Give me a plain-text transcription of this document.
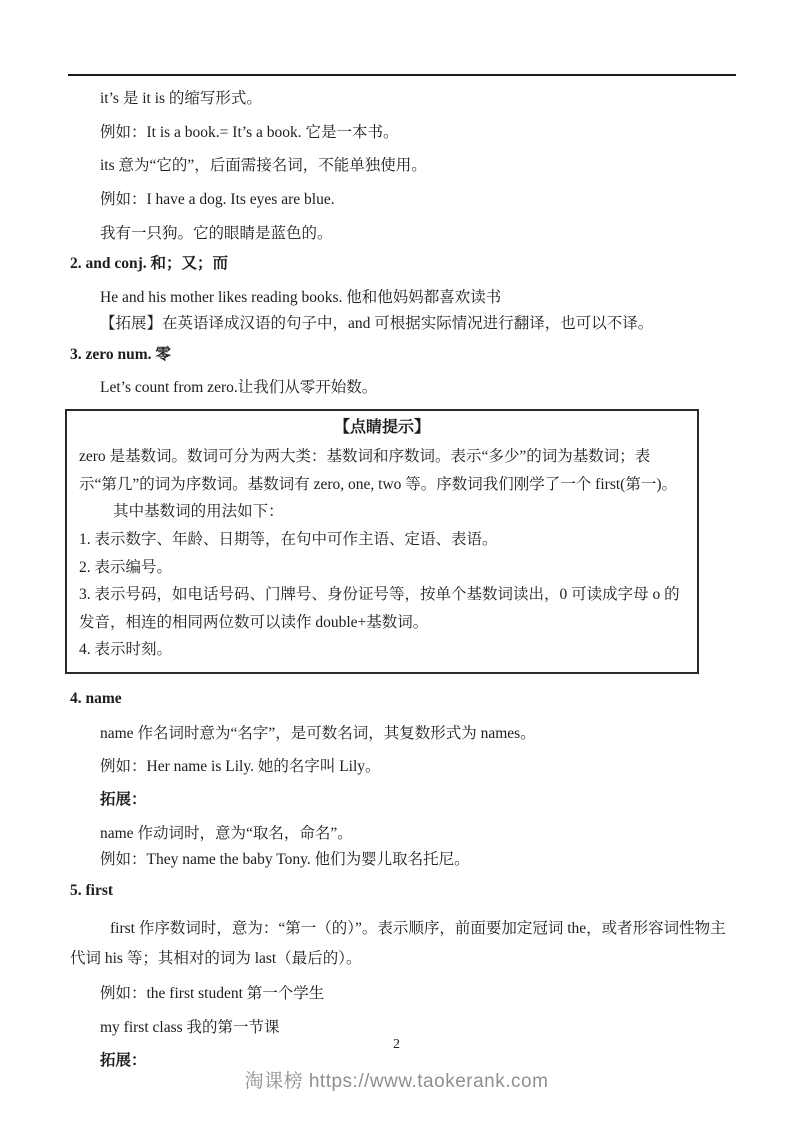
it’s 是 it is 的缩写形式。

例如：It is a book.= It’s a book. 它是一本书。

its 意为“它的”，后面需接名词，不能单独使用。

例如：I have a dog. Its eyes are blue.

我有一只狗。它的眼睛是蓝色的。

2. and conj. 和；又；而

He and his mother likes reading books. 他和他妈妈都喜欢读书

【拓展】在英语译成汉语的句子中，and 可根据实际情况进行翻译，也可以不译。

3. zero num. 零

Let’s count from zero.让我们从零开始数。

【点睛提示】

zero 是基数词。数词可分为两大类：基数词和序数词。表示“多少”的词为基数词；表示“第几”的词为序数词。基数词有 zero, one, two 等。序数词我们刚学了一个 first(第一)。

其中基数词的用法如下：

1. 表示数字、年龄、日期等，在句中可作主语、定语、表语。

2. 表示编号。

3. 表示号码，如电话号码、门牌号、身份证号等，按单个基数词读出，0 可读成字母 o 的发音，相连的相同两位数可以读作 double+基数词。

4. 表示时刻。

4. name

name 作名词时意为“名字”，是可数名词，其复数形式为 names。

例如：Her name is Lily. 她的名字叫 Lily。

拓展：

name 作动词时，意为“取名，命名”。

例如：They name the baby Tony. 他们为婴儿取名托尼。

5. first

first 作序数词时，意为：“第一（的）”。表示顺序，前面要加定冠词 the，或者形容词性物主代词 his 等；其相对的词为 last（最后的）。

例如：the first student 第一个学生

my first class 我的第一节课

拓展：

2
淘课榜 https://www.taokerank.com
